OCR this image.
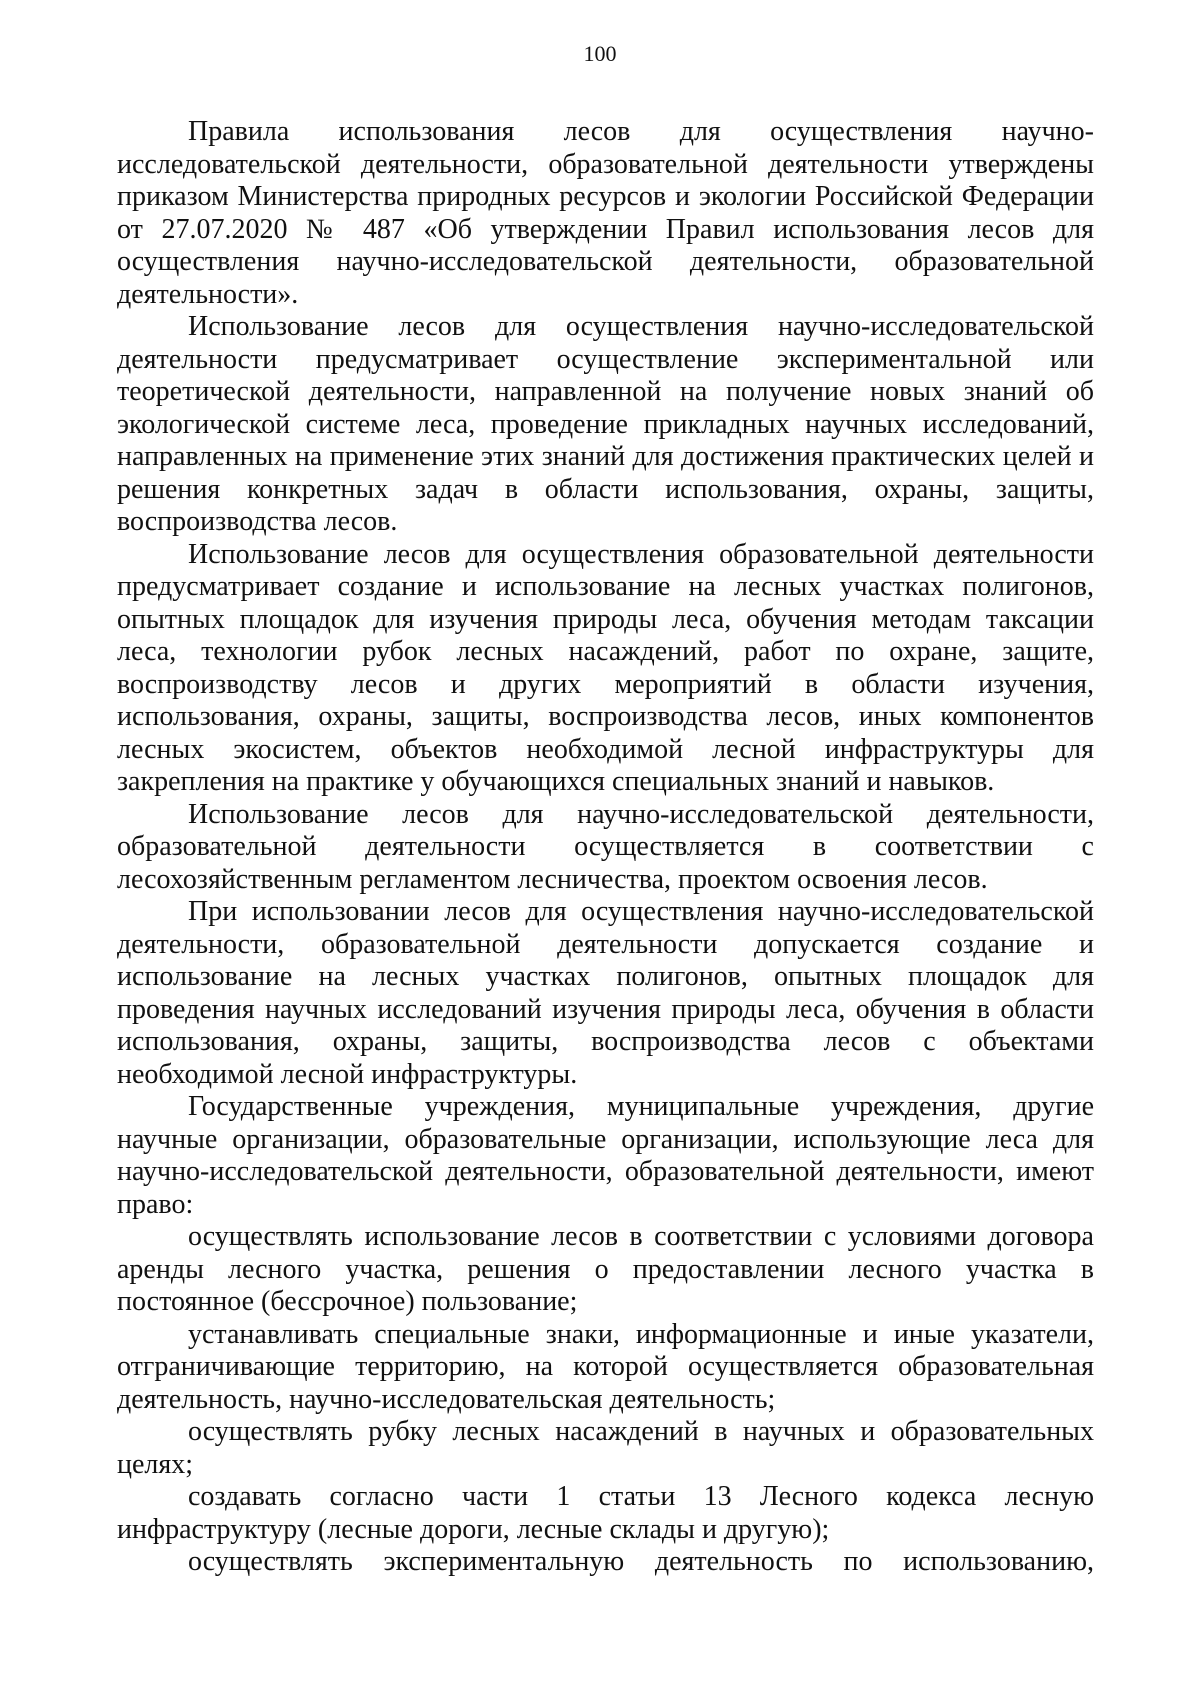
100

Правила использования лесов для осуществления научно-исследовательской деятельности, образовательной деятельности утверждены приказом Министерства природных ресурсов и экологии Российской Федерации от 27.07.2020 № 487 «Об утверждении Правил использования лесов для осуществления научно-исследовательской деятельности, образовательной деятельности».

Использование лесов для осуществления научно-исследовательской деятельности предусматривает осуществление экспериментальной или теоретической деятельности, направленной на получение новых знаний об экологической системе леса, проведение прикладных научных исследований, направленных на применение этих знаний для достижения практических целей и решения конкретных задач в области использования, охраны, защиты, воспроизводства лесов.

Использование лесов для осуществления образовательной деятельности предусматривает создание и использование на лесных участках полигонов, опытных площадок для изучения природы леса, обучения методам таксации леса, технологии рубок лесных насаждений, работ по охране, защите, воспроизводству лесов и других мероприятий в области изучения, использования, охраны, защиты, воспроизводства лесов, иных компонентов лесных экосистем, объектов необходимой лесной инфраструктуры для закрепления на практике у обучающихся специальных знаний и навыков.

Использование лесов для научно-исследовательской деятельности, образовательной деятельности осуществляется в соответствии с лесохозяйственным регламентом лесничества, проектом освоения лесов.

При использовании лесов для осуществления научно-исследовательской деятельности, образовательной деятельности допускается создание и использование на лесных участках полигонов, опытных площадок для проведения научных исследований изучения природы леса, обучения в области использования, охраны, защиты, воспроизводства лесов с объектами необходимой лесной инфраструктуры.

Государственные учреждения, муниципальные учреждения, другие научные организации, образовательные организации, использующие леса для научно-исследовательской деятельности, образовательной деятельности, имеют право:

осуществлять использование лесов в соответствии с условиями договора аренды лесного участка, решения о предоставлении лесного участка в постоянное (бессрочное) пользование;

устанавливать специальные знаки, информационные и иные указатели, отграничивающие территорию, на которой осуществляется образовательная деятельность, научно-исследовательская деятельность;

осуществлять рубку лесных насаждений в научных и образовательных целях;

создавать согласно части 1 статьи 13 Лесного кодекса лесную инфраструктуру (лесные дороги, лесные склады и другую);

осуществлять экспериментальную деятельность по использованию,
